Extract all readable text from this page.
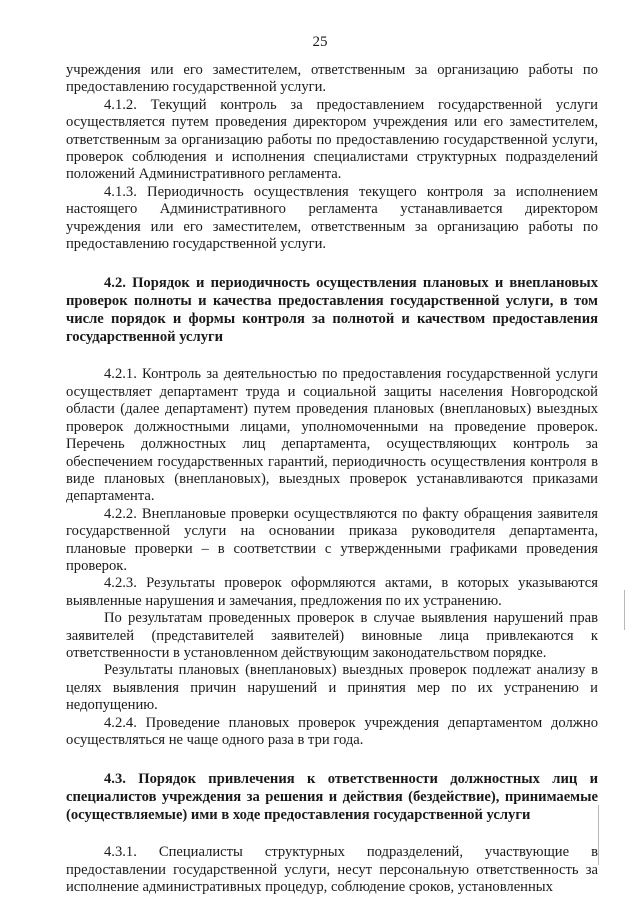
25

учреждения или его заместителем, ответственным за организацию работы по предоставлению государственной услуги.

4.1.2. Текущий контроль за предоставлением государственной услуги осуществляется путем проведения директором учреждения или его заместителем, ответственным за организацию работы по предоставлению государственной услуги, проверок соблюдения и исполнения специалистами структурных подразделений положений Административного регламента.

4.1.3. Периодичность осуществления текущего контроля за исполнением настоящего Административного регламента устанавливается директором учреждения или его заместителем, ответственным за организацию работы по предоставлению государственной услуги.

4.2. Порядок и периодичность осуществления плановых и внеплановых проверок полноты и качества предоставления государственной услуги, в том числе порядок и формы контроля за полнотой и качеством предоставления государственной услуги

4.2.1. Контроль за деятельностью по предоставления государственной услуги осуществляет департамент труда и социальной защиты населения Новгородской области (далее департамент) путем проведения плановых (внеплановых) выездных проверок должностными лицами, уполномоченными на проведение проверок. Перечень должностных лиц департамента, осуществляющих контроль за обеспечением государственных гарантий, периодичность осуществления контроля в виде плановых (внеплановых), выездных проверок устанавливаются приказами департамента.

4.2.2. Внеплановые проверки осуществляются по факту обращения заявителя государственной услуги на основании приказа руководителя департамента, плановые проверки – в соответствии с утвержденными графиками проведения проверок.

4.2.3. Результаты проверок оформляются актами, в которых указываются выявленные нарушения и замечания, предложения по их устранению.

По результатам проведенных проверок в случае выявления нарушений прав заявителей (представителей заявителей) виновные лица привлекаются к ответственности в установленном действующим законодательством порядке.

Результаты плановых (внеплановых) выездных проверок подлежат анализу в целях выявления причин нарушений и принятия мер по их устранению и недопущению.

4.2.4. Проведение плановых проверок учреждения департаментом должно осуществляться не чаще одного раза в три года.

4.3. Порядок привлечения к ответственности должностных лиц и специалистов учреждения за решения и действия (бездействие), принимаемые (осуществляемые) ими в ходе предоставления государственной услуги

4.3.1. Специалисты структурных подразделений, участвующие в предоставлении государственной услуги, несут персональную ответственность за исполнение административных процедур, соблюдение сроков, установленных
